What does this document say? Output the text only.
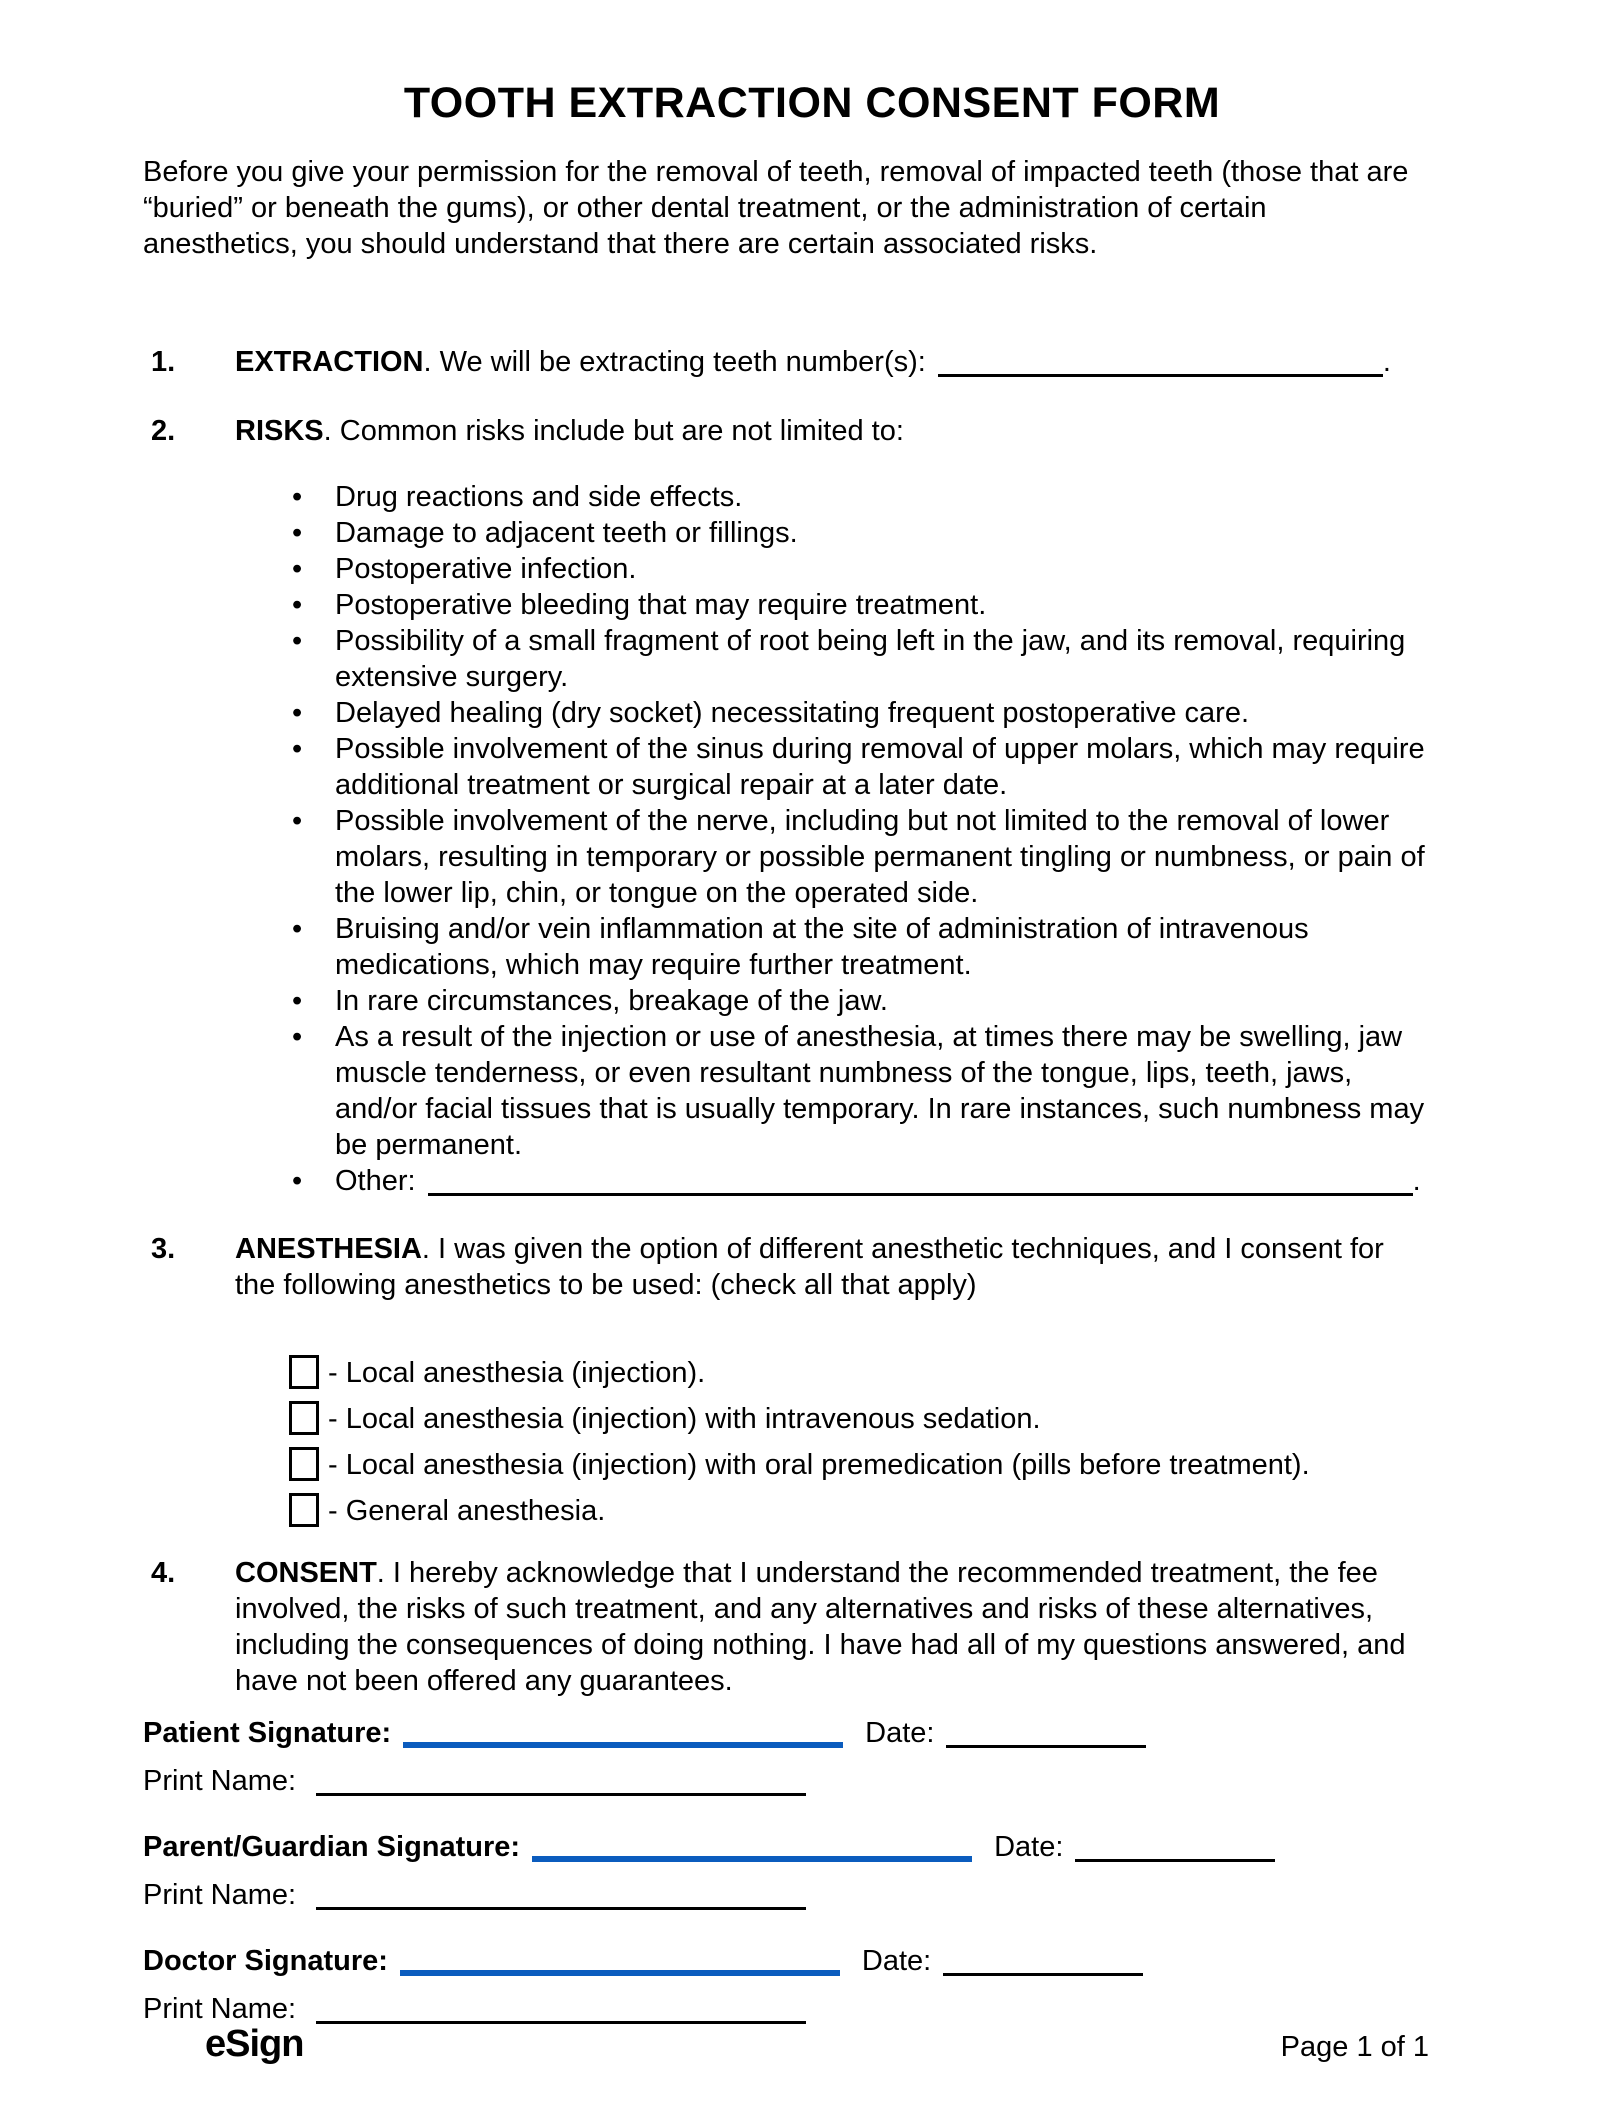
TOOTH EXTRACTION CONSENT FORM
Before you give your permission for the removal of teeth, removal of impacted teeth (those that are “buried” or beneath the gums), or other dental treatment, or the administration of certain anesthetics, you should understand that there are certain associated risks.
1. EXTRACTION. We will be extracting teeth number(s):	.
2. RISKS. Common risks include but are not limited to:
• Drug reactions and side effects.
• Damage to adjacent teeth or fillings.
• Postoperative infection.
• Postoperative bleeding that may require treatment.
• Possibility of a small fragment of root being left in the jaw, and its removal, requiring extensive surgery.
• Delayed healing (dry socket) necessitating frequent postoperative care.
• Possible involvement of the sinus during removal of upper molars, which may require additional treatment or surgical repair at a later date.
• Possible involvement of the nerve, including but not limited to the removal of lower molars, resulting in temporary or possible permanent tingling or numbness, or pain of the lower lip, chin, or tongue on the operated side.
• Bruising and/or vein inflammation at the site of administration of intravenous medications, which may require further treatment.
• In rare circumstances, breakage of the jaw.
• As a result of the injection or use of anesthesia, at times there may be swelling, jaw muscle tenderness, or even resultant numbness of the tongue, lips, teeth, jaws, and/or facial tissues that is usually temporary. In rare instances, such numbness may be permanent.
• Other:	.
3. ANESTHESIA. I was given the option of different anesthetic techniques, and I consent for the following anesthetics to be used: (check all that apply)
- Local anesthesia (injection).
- Local anesthesia (injection) with intravenous sedation.
- Local anesthesia (injection) with oral premedication (pills before treatment).
- General anesthesia.
4. CONSENT. I hereby acknowledge that I understand the recommended treatment, the fee involved, the risks of such treatment, and any alternatives and risks of these alternatives, including the consequences of doing nothing. I have had all of my questions answered, and have not been offered any guarantees.
Patient Signature:	Date:
Print Name:
Parent/Guardian Signature:	Date:
Print Name:
Doctor Signature:	Date:
Print Name:
eSign	Page 1 of 1
